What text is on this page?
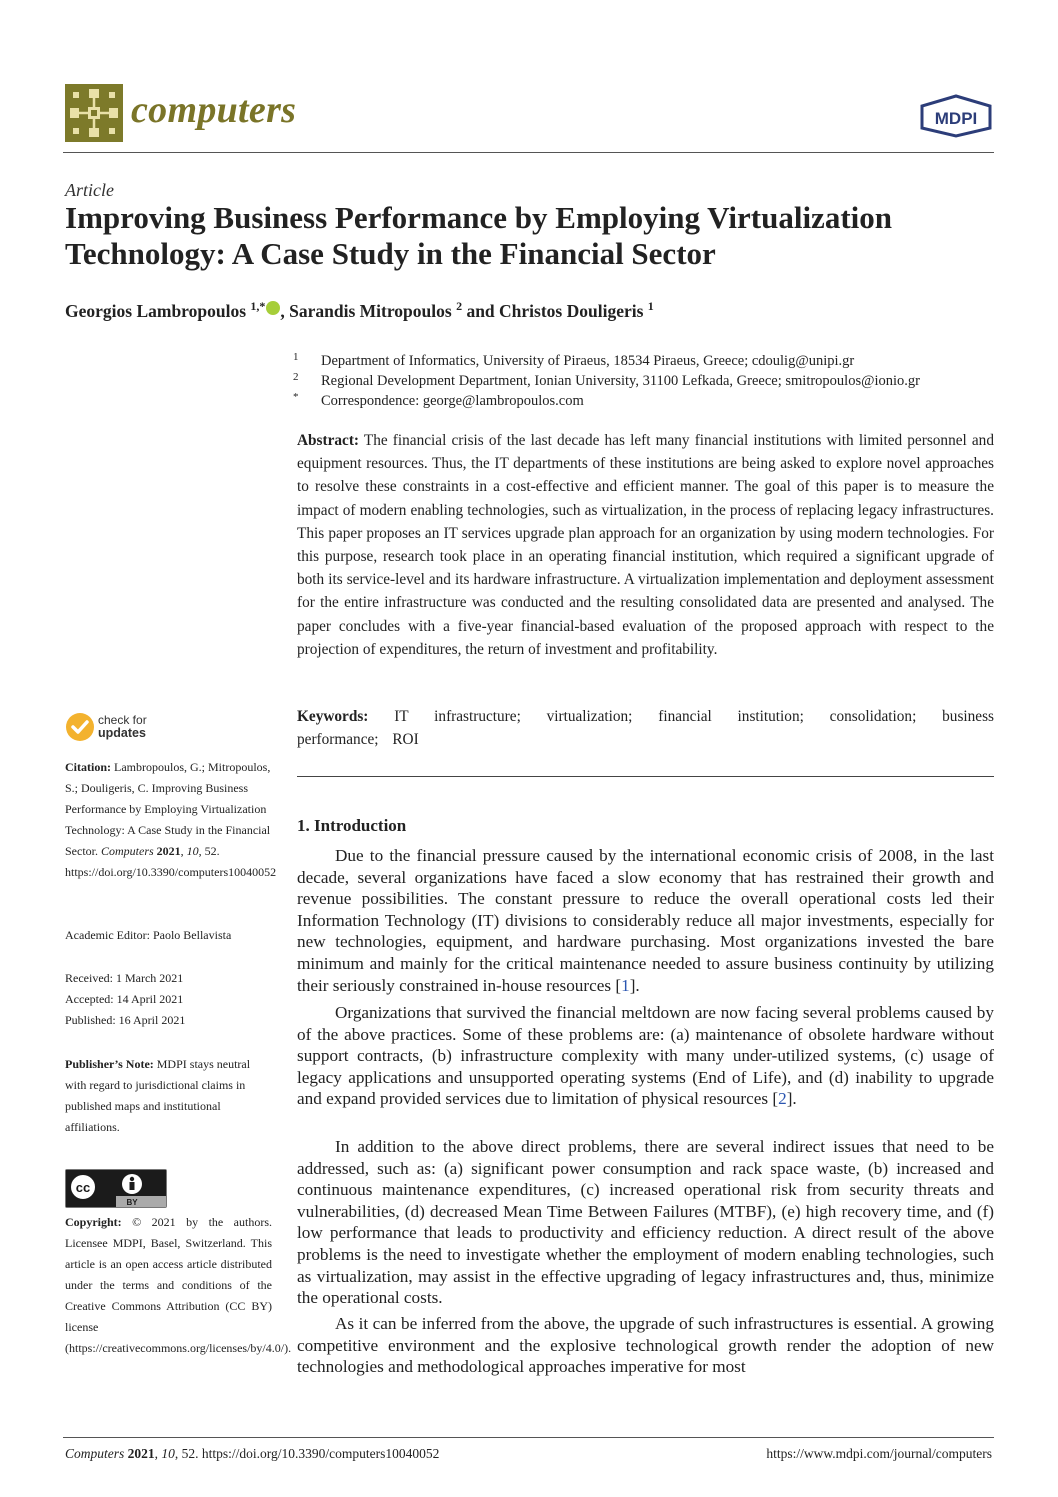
computers	MDPI
Article
Improving Business Performance by Employing Virtualization Technology: A Case Study in the Financial Sector
Georgios Lambropoulos $^{1,*}$ , Sarandis Mitropoulos $^2$ and Christos Douligeris $^1$
1	Department of Informatics, University of Piraeus, 18534 Piraeus, Greece; cdoulig@unipi.gr
2	Regional Development Department, Ionian University, 31100 Lefkada, Greece; smitropoulos@ionio.gr
*	Correspondence: george@lambropoulos.com
Abstract: The financial crisis of the last decade has left many financial institutions with limited personnel and equipment resources. Thus, the IT departments of these institutions are being asked to explore novel approaches to resolve these constraints in a cost-effective and efficient manner. The goal of this paper is to measure the impact of modern enabling technologies, such as virtualization, in the process of replacing legacy infrastructures. This paper proposes an IT services upgrade plan approach for an organization by using modern technologies. For this purpose, research took place in an operating financial institution, which required a significant upgrade of both its service-level and its hardware infrastructure. A virtualization implementation and deployment assessment for the entire infrastructure was conducted and the resulting consolidated data are presented and analysed. The paper concludes with a five-year financial-based evaluation of the proposed approach with respect to the projection of expenditures, the return of investment and profitability.
Keywords: IT infrastructure; virtualization; financial institution; consolidation; business performance; ROI
1. Introduction
Due to the financial pressure caused by the international economic crisis of 2008, in the last decade, several organizations have faced a slow economy that has restrained their growth and revenue possibilities. The constant pressure to reduce the overall operational costs led their Information Technology (IT) divisions to considerably reduce all major investments, especially for new technologies, equipment, and hardware purchasing. Most organizations invested the bare minimum and mainly for the critical maintenance needed to assure business continuity by utilizing their seriously constrained in-house resources [1].
Organizations that survived the financial meltdown are now facing several problems caused by of the above practices. Some of these problems are: (a) maintenance of obsolete hardware without support contracts, (b) infrastructure complexity with many under-utilized systems, (c) usage of legacy applications and unsupported operating systems (End of Life), and (d) inability to upgrade and expand provided services due to limitation of physical resources [2].
In addition to the above direct problems, there are several indirect issues that need to be addressed, such as: (a) significant power consumption and rack space waste, (b) increased and continuous maintenance expenditures, (c) increased operational risk from security threats and vulnerabilities, (d) decreased Mean Time Between Failures (MTBF), (e) high recovery time, and (f) low performance that leads to productivity and efficiency reduction. A direct result of the above problems is the need to investigate whether the employment of modern enabling technologies, such as virtualization, may assist in the effective upgrading of legacy infrastructures and, thus, minimize the operational costs.
As it can be inferred from the above, the upgrade of such infrastructures is essential. A growing competitive environment and the explosive technological growth render the adoption of new technologies and methodological approaches imperative for most
check for
updates
Citation: Lambropoulos, G.; Mitropoulos, S.; Douligeris, C. Improving Business Performance by Employing Virtualization Technology: A Case Study in the Financial Sector. Computers 2021, 10, 52. https://doi.org/10.3390/computers10040052
Academic Editor: Paolo Bellavista
Received: 1 March 2021
Accepted: 14 April 2021
Published: 16 April 2021
Publisher’s Note: MDPI stays neutral with regard to jurisdictional claims in published maps and institutional affiliations.
cc
BY
Copyright: © 2021 by the authors. Licensee MDPI, Basel, Switzerland. This article is an open access article distributed under the terms and conditions of the Creative Commons Attribution (CC BY) license (https://creativecommons.org/licenses/by/4.0/).
Computers 2021, 10, 52. https://doi.org/10.3390/computers10040052	https://www.mdpi.com/journal/computers
